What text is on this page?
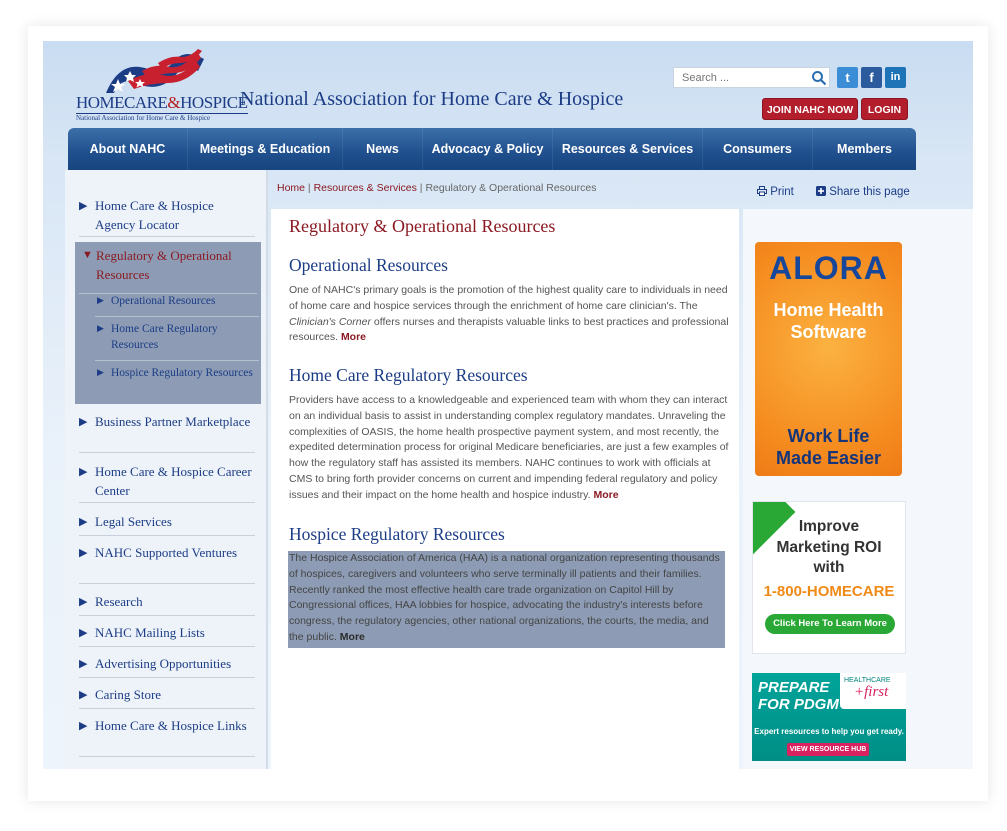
HOMECARE&HOSPICE
National Association for Home Care & Hospice
National Association for Home Care & Hospice
Search ...
t	f	in
JOIN NAHC NOW	LOGIN
About NAHC	Meetings & Education	News	Advocacy & Policy	Resources & Services	Consumers	Members
▶ Home Care & Hospice Agency Locator
▼ Regulatory & Operational Resources
▶ Operational Resources
▶ Home Care Regulatory Resources
▶ Hospice Regulatory Resources
▶ Business Partner Marketplace
▶ Home Care & Hospice Career Center
▶ Legal Services
▶ NAHC Supported Ventures
▶ Research
▶ NAHC Mailing Lists
▶ Advertising Opportunities
▶ Caring Store
▶ Home Care & Hospice Links
Home | Resources & Services | Regulatory & Operational Resources	Print	Share this page
Regulatory & Operational Resources
Operational Resources
One of NAHC's primary goals is the promotion of the highest quality care to individuals in need of home care and hospice services through the enrichment of home care clinician's. The Clinician's Corner offers nurses and therapists valuable links to best practices and professional resources. More
Home Care Regulatory Resources
Providers have access to a knowledgeable and experienced team with whom they can interact on an individual basis to assist in understanding complex regulatory mandates. Unraveling the complexities of OASIS, the home health prospective payment system, and most recently, the expedited determination process for original Medicare beneficiaries, are just a few examples of how the regulatory staff has assisted its members. NAHC continues to work with officials at CMS to bring forth provider concerns on current and impending federal regulatory and policy issues and their impact on the home health and hospice industry. More
Hospice Regulatory Resources
The Hospice Association of America (HAA) is a national organization representing thousands of hospices, caregivers and volunteers who serve terminally ill patients and their families. Recently ranked the most effective health care trade organization on Capitol Hill by Congressional offices, HAA lobbies for hospice, advocating the industry's interests before congress, the regulatory agencies, other national organizations, the courts, the media, and the public. More
ALORA
Home Health
Software
Work Life
Made Easier
Improve
Marketing ROI
with
1-800-HOMECARE
Click Here To Learn More
PREPARE
FOR PDGM
HEALTHCARE
+first
Expert resources to help you get ready.
VIEW RESOURCE HUB
